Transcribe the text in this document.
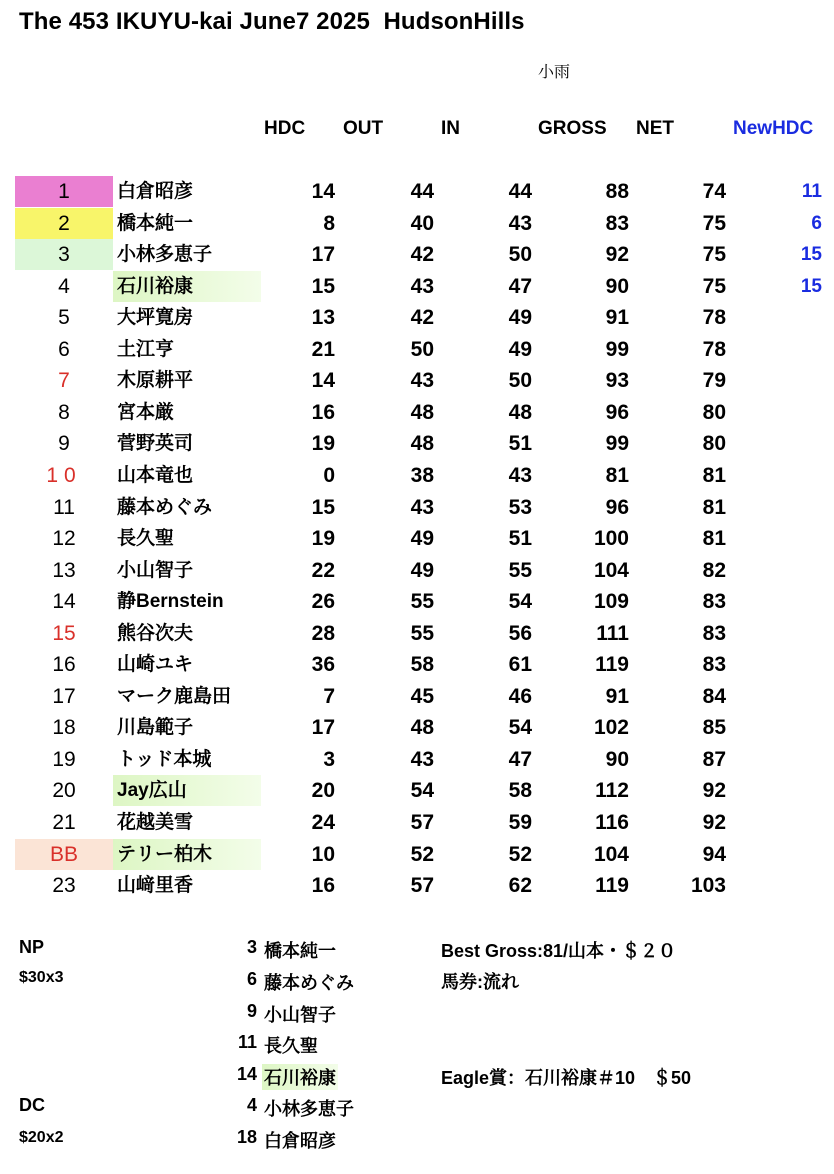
The 453 IKUYU-kai June7 2025  HudsonHills
小雨
HDC OUT	IN	GROSS NET	NewHDC
1	白倉昭彦	14	44	44	88	74	11
2	橋本純一	8	40	43	83	75	6
3	小林多恵子	17	42	50	92	75	15
4	石川裕康	15	43	47	90	75	15
5	大坪寛房	13	42	49	91	78
6	土江亨	21	50	49	99	78
7	木原耕平	14	43	50	93	79
8	宮本厳	16	48	48	96	80
9	菅野英司	19	48	51	99	80
10	山本竜也	0	38	43	81	81
11	藤本めぐみ	15	43	53	96	81
12	長久聖	19	49	51	100	81
13	小山智子	22	49	55	104	82
14	静Bernstein	26	55	54	109	83
15	熊谷次夫	28	55	56	111	83
16	山崎ユキ	36	58	61	119	83
17	マーク鹿島田	7	45	46	91	84
18	川島範子	17	48	54	102	85
19	トッド本城	3	43	47	90	87
20	Jay広山	20	54	58	112	92
21	花越美雪	24	57	59	116	92
BB	テリー柏木	10	52	52	104	94
23	山﨑里香	16	57	62	119	103
NP
$30x3
DC
$20x2
3 橋本純一
6 藤本めぐみ
9 小山智子
11 長久聖
14 石川裕康
4 小林多恵子
18 白倉昭彦
Best Gross:81/山本・＄２０
馬券:流れ
Eagle賞：石川裕康＃10　＄50
